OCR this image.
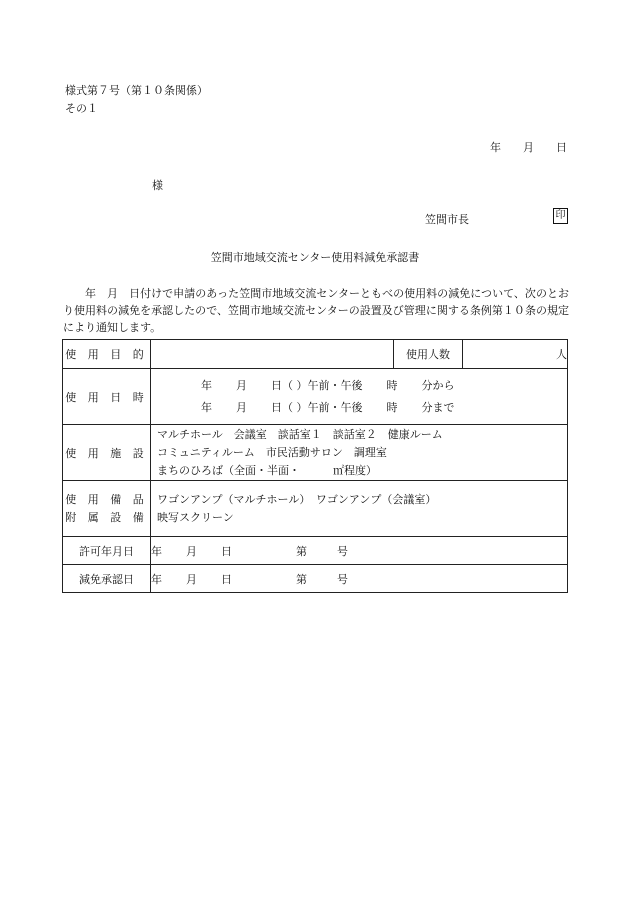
様式第７号（第１０条関係）
その１
年 月 日
様
笠間市長	印
笠間市地域交流センター使用料減免承認書
年　月　日付けで申請のあった笠間市地域交流センターともべの使用料の減免について、次のとおり使用料の減免を承認したので、笠間市地域交流センターの設置及び管理に関する条例第１０条の規定により通知します。
使 用 目 的		使用人数	人
使 用 日 時	年 月 日（ ）午前・午後 時 分から
年 月 日（ ）午前・午後 時 分まで		

使 用 施 設	マルチホール　会議室　談話室１　談話室２　健康ルーム
コミュニティルーム　市民活動サロン　調理室
まちのひろば（全面・半面・　　　㎡程度）		

使 用 備 品
附 属 設 備	ワゴンアンプ（マルチホール）　ワゴンアンプ（会議室）
映写スクリーン		

許可年月日	年 月 日 第 号		
減免承認日	年 月 日 第 号		
